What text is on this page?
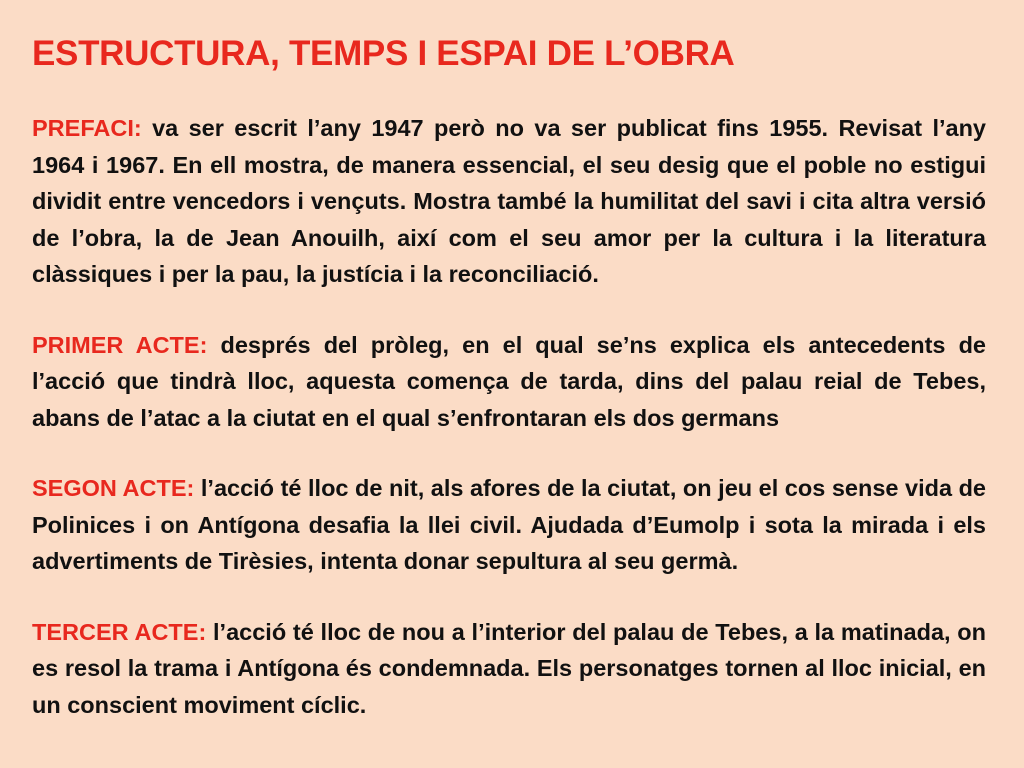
ESTRUCTURA, TEMPS I ESPAI DE L’OBRA

PREFACI: va ser escrit l’any 1947 però no va ser publicat fins 1955. Revisat l’any 1964 i 1967. En ell mostra, de manera essencial, el seu desig que el poble no estigui dividit entre vencedors i vençuts. Mostra també la humilitat del savi i cita altra versió de l’obra, la de Jean Anouilh, així com el seu amor per la cultura i la literatura clàssiques i per la pau, la justícia i la reconciliació.

PRIMER ACTE: després del pròleg, en el qual se’ns explica els antecedents de l’acció que tindrà lloc, aquesta comença de tarda, dins del palau reial de Tebes, abans de l’atac a la ciutat en el qual s’enfrontaran els dos germans

SEGON ACTE: l’acció té lloc de nit, als afores de la ciutat, on jeu el cos sense vida de Polinices i on Antígona desafia la llei civil. Ajudada d’Eumolp i sota la mirada i els advertiments de Tirèsies, intenta donar sepultura al seu germà.

TERCER ACTE: l’acció té lloc de nou a l’interior del palau de Tebes, a la matinada, on es resol la trama i Antígona és condemnada. Els personatges tornen al lloc inicial, en un conscient moviment cíclic.
